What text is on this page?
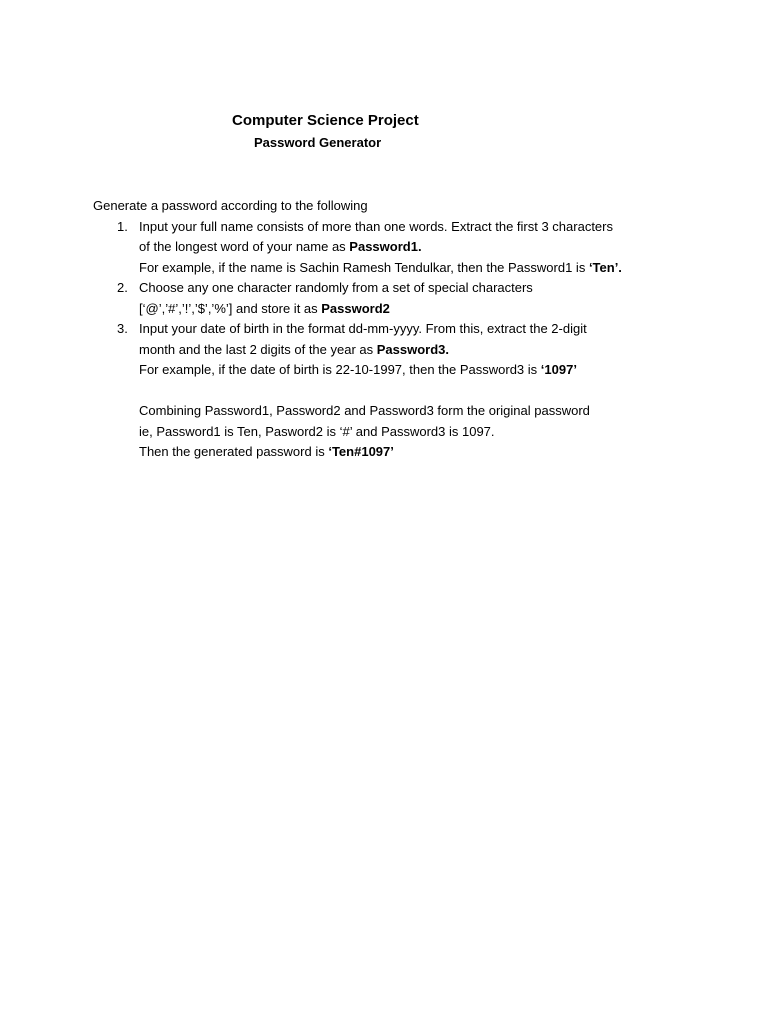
Computer Science Project
Password Generator
Generate a password according to the following
1. Input your full name consists of more than one words. Extract the first 3 characters
of the longest word of your name as Password1.
For example, if the name is Sachin Ramesh Tendulkar, then the Password1 is ‘Ten’.
2. Choose any one character randomly from a set of special characters
[‘@’,’#’,’!’,’$’,’%’] and store it as Password2
3. Input your date of birth in the format dd-mm-yyyy. From this, extract the 2-digit
month and the last 2 digits of the year as Password3.
For example, if the date of birth is 22-10-1997, then the Password3 is ‘1097’
Combining Password1, Password2 and Password3 form the original password
ie, Password1 is Ten, Pasword2 is ‘#’ and Password3 is 1097.
Then the generated password is ‘Ten#1097’
